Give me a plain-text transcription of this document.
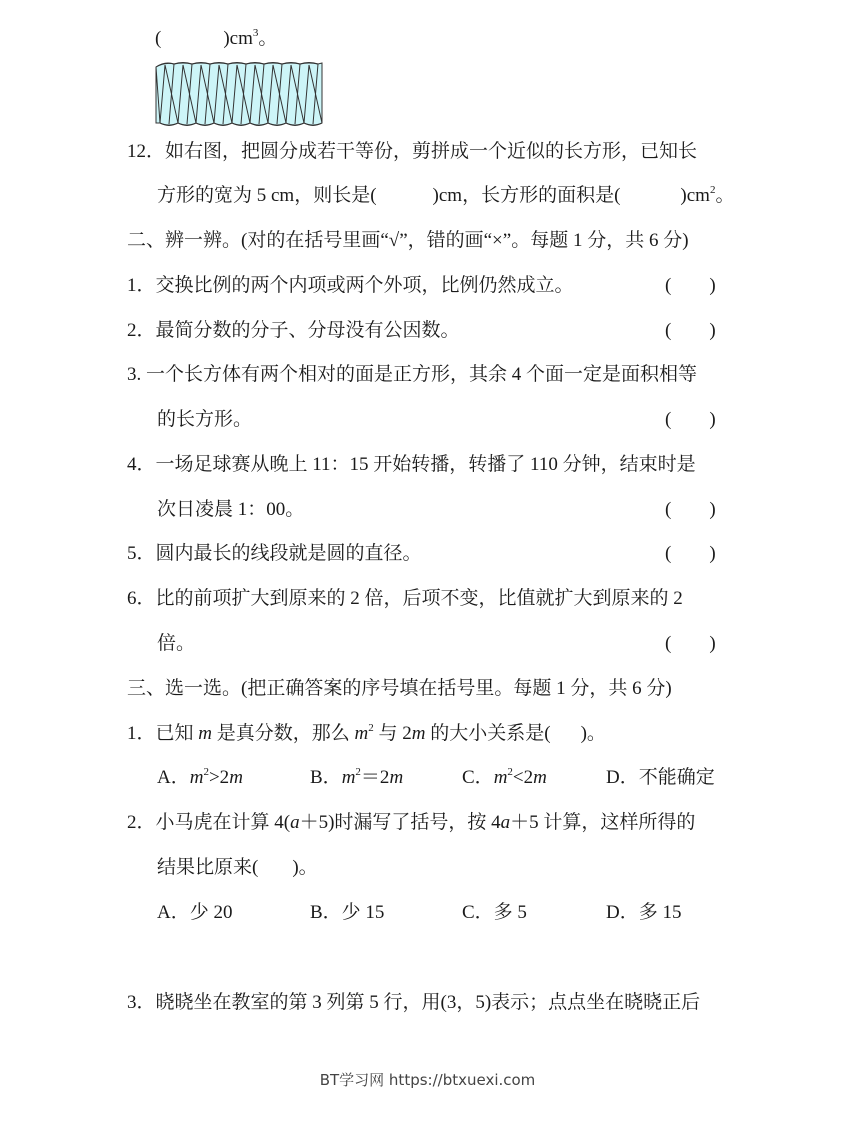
(	)$cm^3$。
12．如右图，把圆分成若干等份，剪拼成一个近似的长方形，已知长
方形的宽为 5 cm，则长是(	)cm，长方形的面积是(	)$cm^2$。
二、辨一辨。(对的在括号里画“√”，错的画“×”。每题 1 分，共 6 分)
1．交换比例的两个内项或两个外项，比例仍然成立。	( )
2．最简分数的分子、分母没有公因数。	( )
3. 一个长方体有两个相对的面是正方形，其余 4 个面一定是面积相等
的长方形。	( )
4．一场足球赛从晚上 11：15 开始转播，转播了 110 分钟，结束时是
次日凌晨 1：00。	( )
5．圆内最长的线段就是圆的直径。	( )
6．比的前项扩大到原来的 2 倍，后项不变，比值就扩大到原来的 2
倍。	( )
三、选一选。(把正确答案的序号填在括号里。每题 1 分，共 6 分)
1．已知 m 是真分数，那么 $m^2$ 与 2m 的大小关系是( )。
A．$m^2>2m$	B．$m^2=2m$	C．$m^2<2m$	D．不能确定
2．小马虎在计算 4(a＋5)时漏写了括号，按 4a＋5 计算，这样所得的
结果比原来( )。
A．少 20	B．少 15	C．多 5	D．多 15
3．晓晓坐在教室的第 3 列第 5 行，用(3，5)表示；点点坐在晓晓正后
BT学习网 https://btxuexi.com
